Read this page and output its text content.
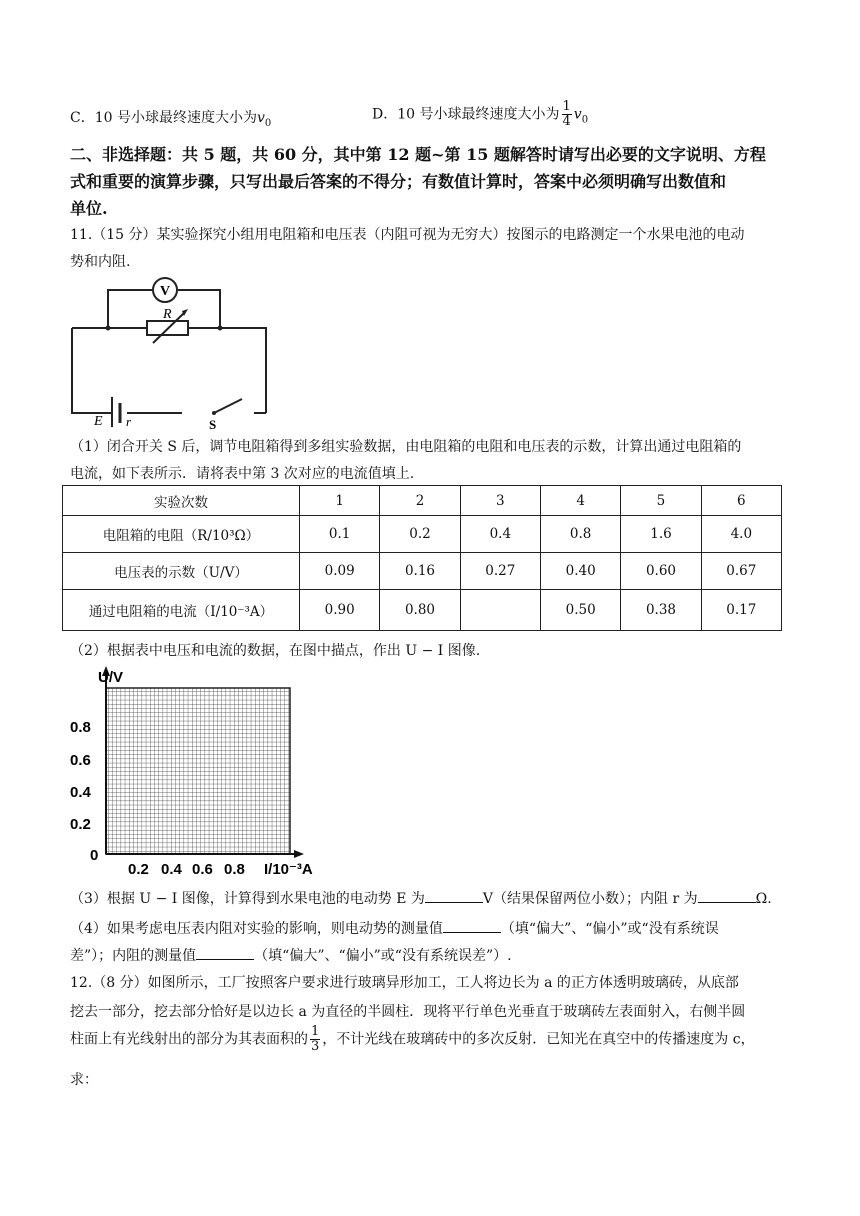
C．10 号小球最终速度大小为$v_0$
D．10 号小球最终速度大小为 $\frac{1}{4} v_0$
二、非选择题：共 5 题，共 60 分，其中第 12 题~第 15 题解答时请写出必要的文字说明、方程
式和重要的演算步骤，只写出最后答案的不得分；有数值计算时，答案中必须明确写出数值和
单位.
11.（15 分）某实验探究小组用电阻箱和电压表（内阻可视为无穷大）按图示的电路测定一个水果电池的电动
势和内阻.
V
R
E r	S
（1）闭合开关 S 后，调节电阻箱得到多组实验数据，由电阻箱的电阻和电压表的示数，计算出通过电阻箱的
电流，如下表所示．请将表中第 3 次对应的电流值填上.
实验次数	1	2	3	4	5	6
电阻箱的电阻（R/10³Ω）	0.1	0.2	0.4	0.8	1.6	4.0
电压表的示数（U/V）	0.09	0.16	0.27	0.40	0.60	0.67
通过电阻箱的电流（I/10⁻³A）	0.90	0.80		0.50	0.38	0.17
（2）根据表中电压和电流的数据，在图中描点，作出 U − I 图像.
U/V
I/10⁻³A
0.8
0.6
0.4
0.2
0
0.2 0.4 0.6 0.8
（3）根据 U − I 图像，计算得到水果电池的电动势 E 为	V（结果保留两位小数）；内阻 r 为	Ω.
（4）如果考虑电压表内阻对实验的影响，则电动势的测量值	（填“偏大”、“偏小”或“没有系统误
差”）；内阻的测量值	（填“偏大”、“偏小”或“没有系统误差”）.
12.（8 分）如图所示，工厂按照客户要求进行玻璃异形加工，工人将边长为 a 的正方体透明玻璃砖，从底部
挖去一部分，挖去部分恰好是以边长 a 为直径的半圆柱．现将平行单色光垂直于玻璃砖左表面射入，右侧半圆
柱面上有光线射出的部分为其表面积的 $\frac{1}{3}$ ，不计光线在玻璃砖中的多次反射．已知光在真空中的传播速度为 c，
求：
